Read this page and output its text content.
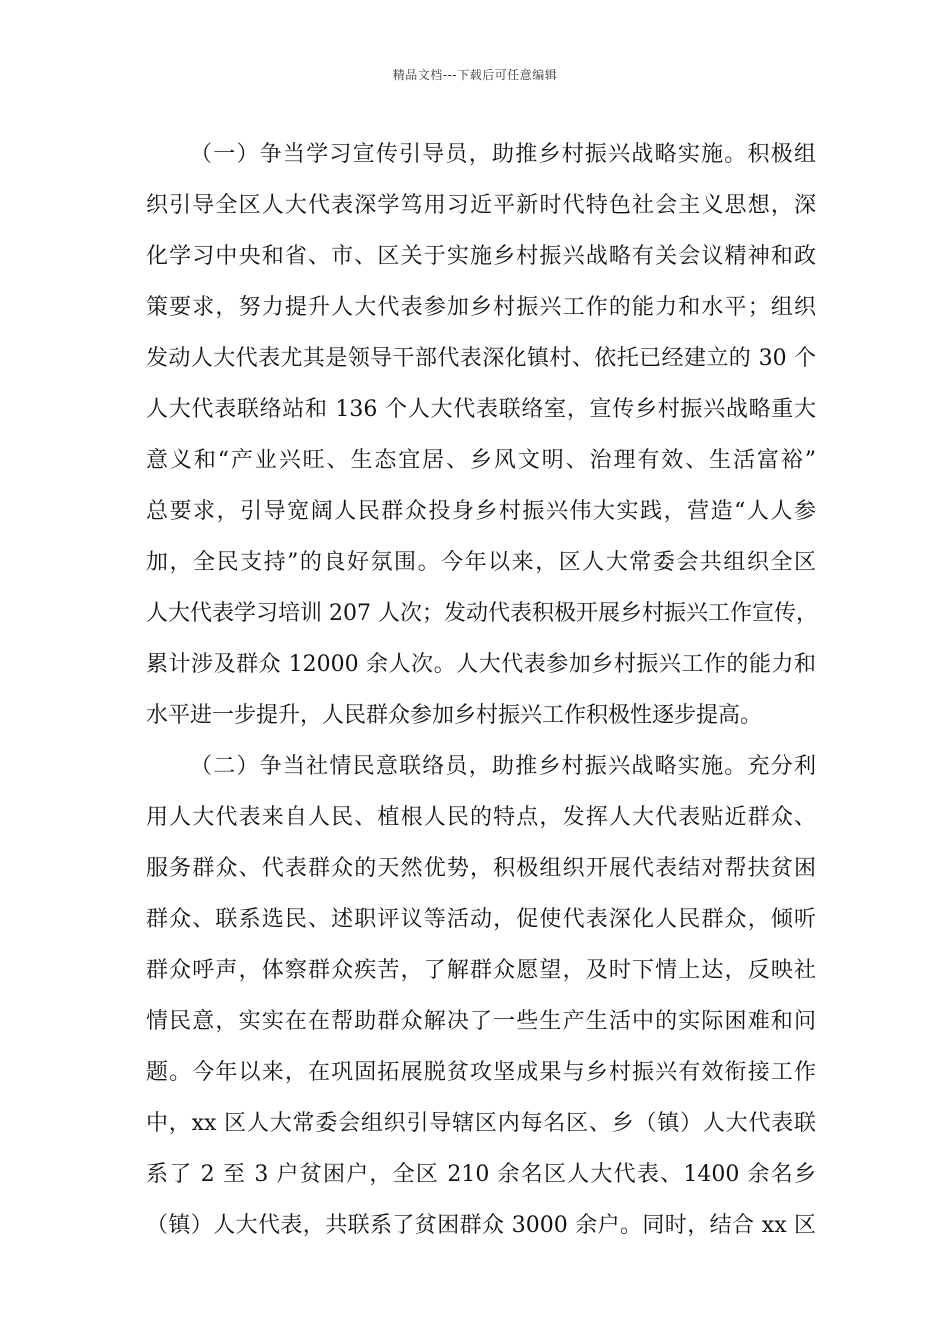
精品文档---下载后可任意编辑
（一）争当学习宣传引导员，助推乡村振兴战略实施。积极组
织引导全区人大代表深学笃用习近平新时代特色社会主义思想，深
化学习中央和省、市、区关于实施乡村振兴战略有关会议精神和政
策要求，努力提升人大代表参加乡村振兴工作的能力和水平；组织
发动人大代表尤其是领导干部代表深化镇村、依托已经建立的 30 个
人大代表联络站和 136 个人大代表联络室，宣传乡村振兴战略重大
意义和“产业兴旺、生态宜居、乡风文明、治理有效、生活富裕”
总要求，引导宽阔人民群众投身乡村振兴伟大实践，营造“人人参
加，全民支持”的良好氛围。今年以来，区人大常委会共组织全区
人大代表学习培训 207 人次；发动代表积极开展乡村振兴工作宣传，
累计涉及群众 12000 余人次。人大代表参加乡村振兴工作的能力和
水平进一步提升，人民群众参加乡村振兴工作积极性逐步提高。
（二）争当社情民意联络员，助推乡村振兴战略实施。充分利
用人大代表来自人民、植根人民的特点，发挥人大代表贴近群众、
服务群众、代表群众的天然优势，积极组织开展代表结对帮扶贫困
群众、联系选民、述职评议等活动，促使代表深化人民群众，倾听
群众呼声，体察群众疾苦，了解群众愿望，及时下情上达，反映社
情民意，实实在在帮助群众解决了一些生产生活中的实际困难和问
题。今年以来，在巩固拓展脱贫攻坚成果与乡村振兴有效衔接工作
中，xx 区人大常委会组织引导辖区内每名区、乡（镇）人大代表联
系了 2 至 3 户贫困户，全区 210 余名区人大代表、1400 余名乡
（镇）人大代表，共联系了贫困群众 3000 余户。同时，结合 xx 区
